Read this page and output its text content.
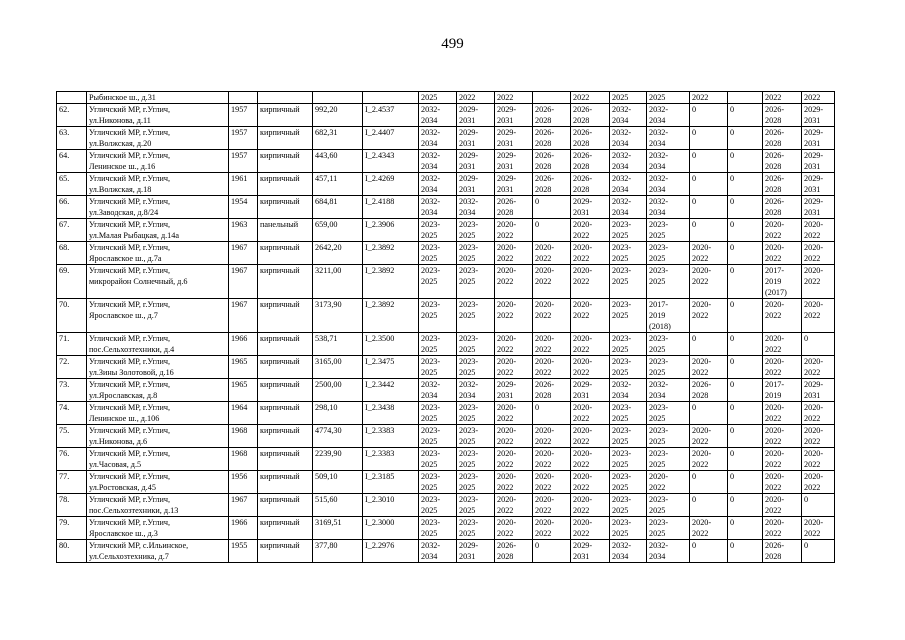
499

	Рыбинское ш., д.31					2025	2022	2022		2022	2025	2025	2022		2022	2022

62.	Угличский МР, г.Углич,
ул.Никонова, д.11	1957	кирпичный	992,20	I_2.4537	2032-
2034	2029-
2031	2029-
2031	2026-
2028	2026-
2028	2032-
2034	2032-
2034	0	0	2026-
2028	2029-
2031

63.	Угличский МР, г.Углич,
ул.Волжская, д.20	1957	кирпичный	682,31	I_2.4407	2032-
2034	2029-
2031	2029-
2031	2026-
2028	2026-
2028	2032-
2034	2032-
2034	0	0	2026-
2028	2029-
2031

64.	Угличский МР, г.Углич,
Ленинское ш., д.16	1957	кирпичный	443,60	I_2.4343	2032-
2034	2029-
2031	2029-
2031	2026-
2028	2026-
2028	2032-
2034	2032-
2034	0	0	2026-
2028	2029-
2031

65.	Угличский МР, г.Углич,
ул.Волжская, д.18	1961	кирпичный	457,11	I_2.4269	2032-
2034	2029-
2031	2029-
2031	2026-
2028	2026-
2028	2032-
2034	2032-
2034	0	0	2026-
2028	2029-
2031

66.	Угличский МР, г.Углич,
ул.Заводская, д.8/24	1954	кирпичный	684,81	I_2.4188	2032-
2034	2032-
2034	2026-
2028	0	2029-
2031	2032-
2034	2032-
2034	0	0	2026-
2028	2029-
2031

67.	Угличский МР, г.Углич,
ул.Малая Рыбацкая, д.14а	1963	панельный	659,00	I_2.3906	2023-
2025	2023-
2025	2020-
2022	0	2020-
2022	2023-
2025	2023-
2025	0	0	2020-
2022	2020-
2022

68.	Угличский МР, г.Углич,
Ярославское ш., д.7а	1967	кирпичный	2642,20	I_2.3892	2023-
2025	2023-
2025	2020-
2022	2020-
2022	2020-
2022	2023-
2025	2023-
2025	2020-
2022	0	2020-
2022	2020-
2022

69.	Угличский МР, г.Углич,
микрорайон Солнечный, д.6	1967	кирпичный	3211,00	I_2.3892	2023-
2025	2023-
2025	2020-
2022	2020-
2022	2020-
2022	2023-
2025	2023-
2025	2020-
2022	0	2017-
2019
(2017)	2020-
2022

70.	Угличский МР, г.Углич,
Ярославское ш., д.7	1967	кирпичный	3173,90	I_2.3892	2023-
2025	2023-
2025	2020-
2022	2020-
2022	2020-
2022	2023-
2025	2017-
2019
(2018)	2020-
2022	0	2020-
2022	2020-
2022

71.	Угличский МР, г.Углич,
пос.Сельхозтехники, д.4	1966	кирпичный	538,71	I_2.3500	2023-
2025	2023-
2025	2020-
2022	2020-
2022	2020-
2022	2023-
2025	2023-
2025	0	0	2020-
2022	0

72.	Угличский МР, г.Углич,
ул.Зины Золотовой, д.16	1965	кирпичный	3165,00	I_2.3475	2023-
2025	2023-
2025	2020-
2022	2020-
2022	2020-
2022	2023-
2025	2023-
2025	2020-
2022	0	2020-
2022	2020-
2022

73.	Угличский МР, г.Углич,
ул.Ярославская, д.8	1965	кирпичный	2500,00	I_2.3442	2032-
2034	2032-
2034	2029-
2031	2026-
2028	2029-
2031	2032-
2034	2032-
2034	2026-
2028	0	2017-
2019	2029-
2031

74.	Угличский МР, г.Углич,
Ленинское ш., д.106	1964	кирпичный	298,10	I_2.3438	2023-
2025	2023-
2025	2020-
2022	0	2020-
2022	2023-
2025	2023-
2025	0	0	2020-
2022	2020-
2022

75.	Угличский МР, г.Углич,
ул.Никонова, д.6	1968	кирпичный	4774,30	I_2.3383	2023-
2025	2023-
2025	2020-
2022	2020-
2022	2020-
2022	2023-
2025	2023-
2025	2020-
2022	0	2020-
2022	2020-
2022

76.	Угличский МР, г.Углич,
ул.Часовая, д.5	1968	кирпичный	2239,90	I_2.3383	2023-
2025	2023-
2025	2020-
2022	2020-
2022	2020-
2022	2023-
2025	2023-
2025	2020-
2022	0	2020-
2022	2020-
2022

77.	Угличский МР, г.Углич,
ул.Ростовская, д.45	1956	кирпичный	509,10	I_2.3185	2023-
2025	2023-
2025	2020-
2022	2020-
2022	2020-
2022	2023-
2025	2020-
2022	0	0	2020-
2022	2020-
2022

78.	Угличский МР, г.Углич,
пос.Сельхозтехники, д.13	1967	кирпичный	515,60	I_2.3010	2023-
2025	2023-
2025	2020-
2022	2020-
2022	2020-
2022	2023-
2025	2023-
2025	0	0	2020-
2022	0

79.	Угличский МР, г.Углич,
Ярославское ш., д.3	1966	кирпичный	3169,51	I_2.3000	2023-
2025	2023-
2025	2020-
2022	2020-
2022	2020-
2022	2023-
2025	2023-
2025	2020-
2022	0	2020-
2022	2020-
2022

80.	Угличский МР, с.Ильинское,
ул.Сельхозтехника, д.7	1955	кирпичный	377,80	I_2.2976	2032-
2034	2029-
2031	2026-
2028	0	2029-
2031	2032-
2034	2032-
2034	0	0	2026-
2028	0
